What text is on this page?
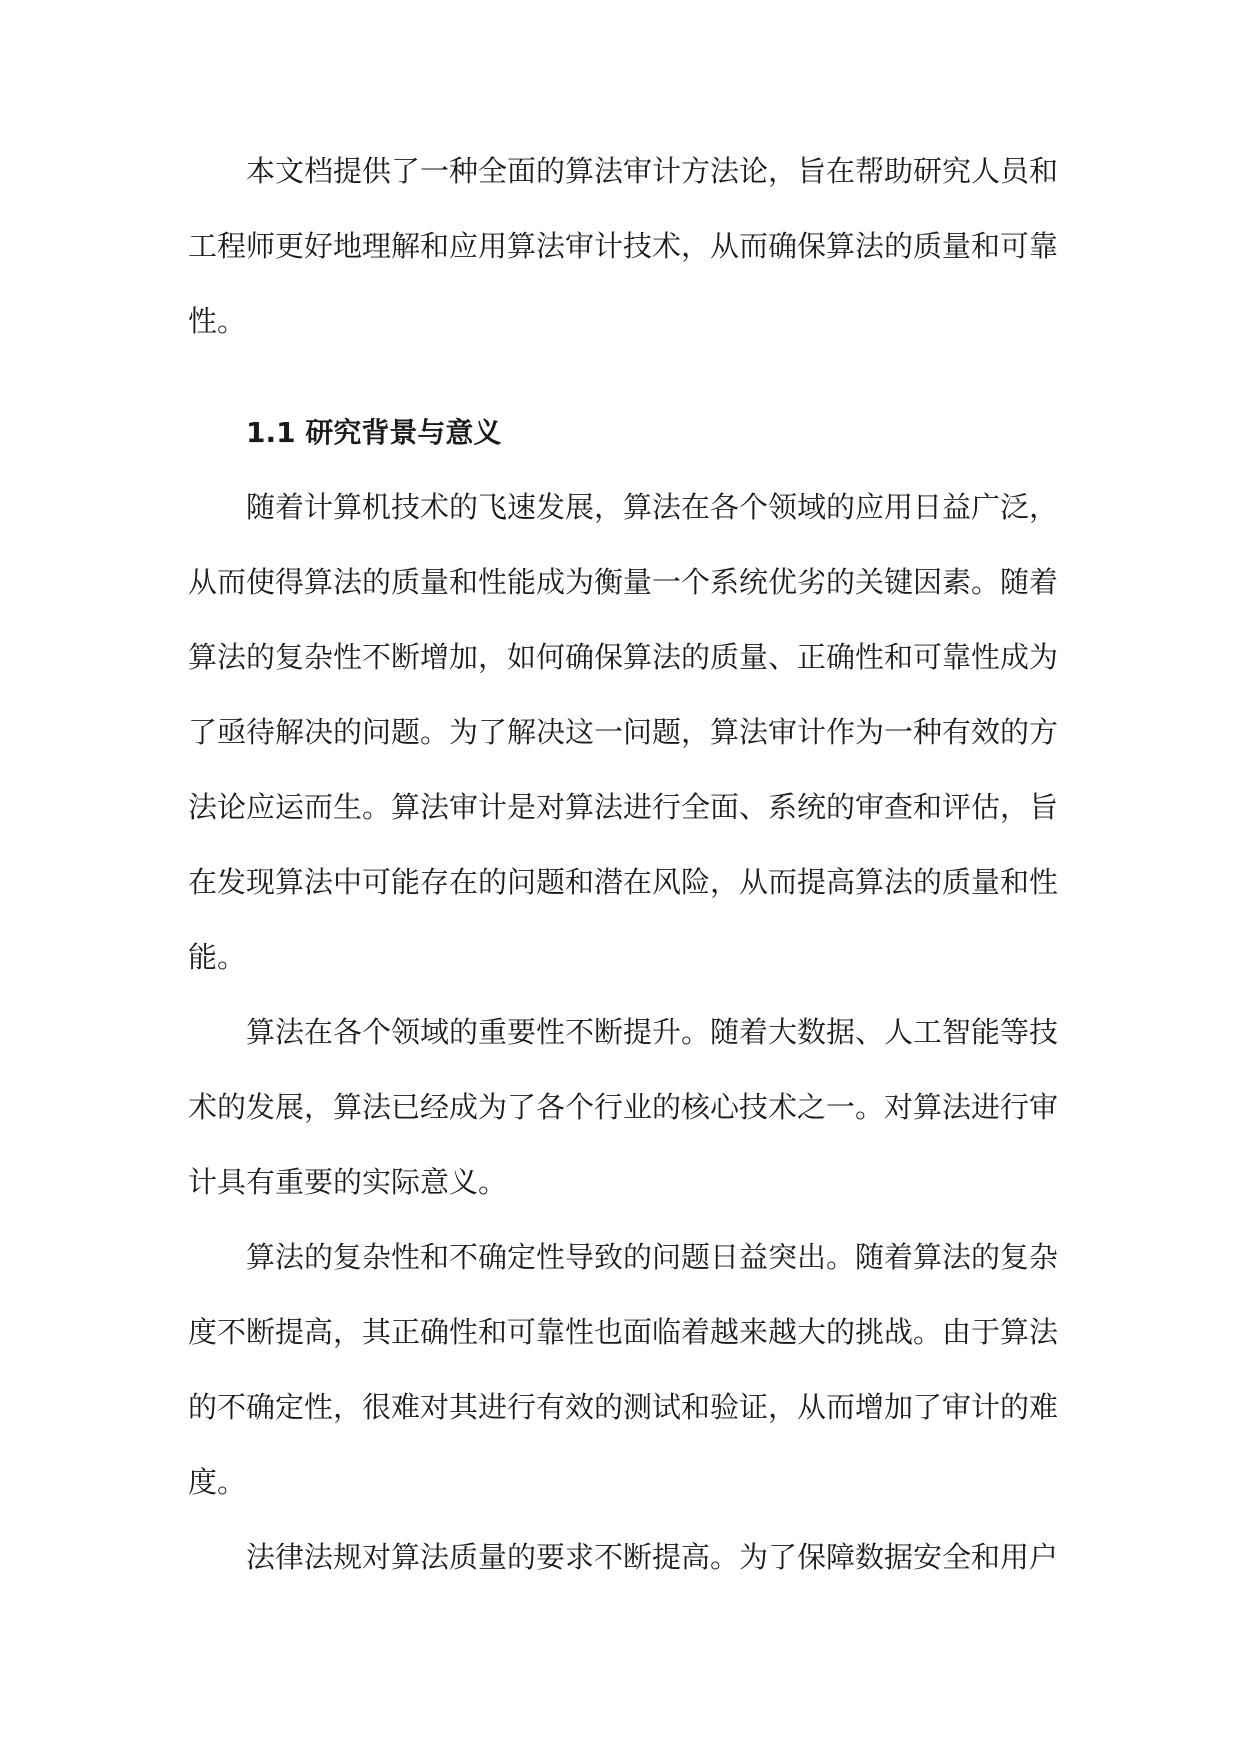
本文档提供了一种全面的算法审计方法论，旨在帮助研究人员和工程师更好地理解和应用算法审计技术，从而确保算法的质量和可靠性。

1.1 研究背景与意义

随着计算机技术的飞速发展，算法在各个领域的应用日益广泛，从而使得算法的质量和性能成为衡量一个系统优劣的关键因素。随着算法的复杂性不断增加，如何确保算法的质量、正确性和可靠性成为了亟待解决的问题。为了解决这一问题，算法审计作为一种有效的方法论应运而生。算法审计是对算法进行全面、系统的审查和评估，旨在发现算法中可能存在的问题和潜在风险，从而提高算法的质量和性能。

算法在各个领域的重要性不断提升。随着大数据、人工智能等技术的发展，算法已经成为了各个行业的核心技术之一。对算法进行审计具有重要的实际意义。

算法的复杂性和不确定性导致的问题日益突出。随着算法的复杂度不断提高，其正确性和可靠性也面临着越来越大的挑战。由于算法的不确定性，很难对其进行有效的测试和验证，从而增加了审计的难度。

法律法规对算法质量的要求不断提高。为了保障数据安全和用户
